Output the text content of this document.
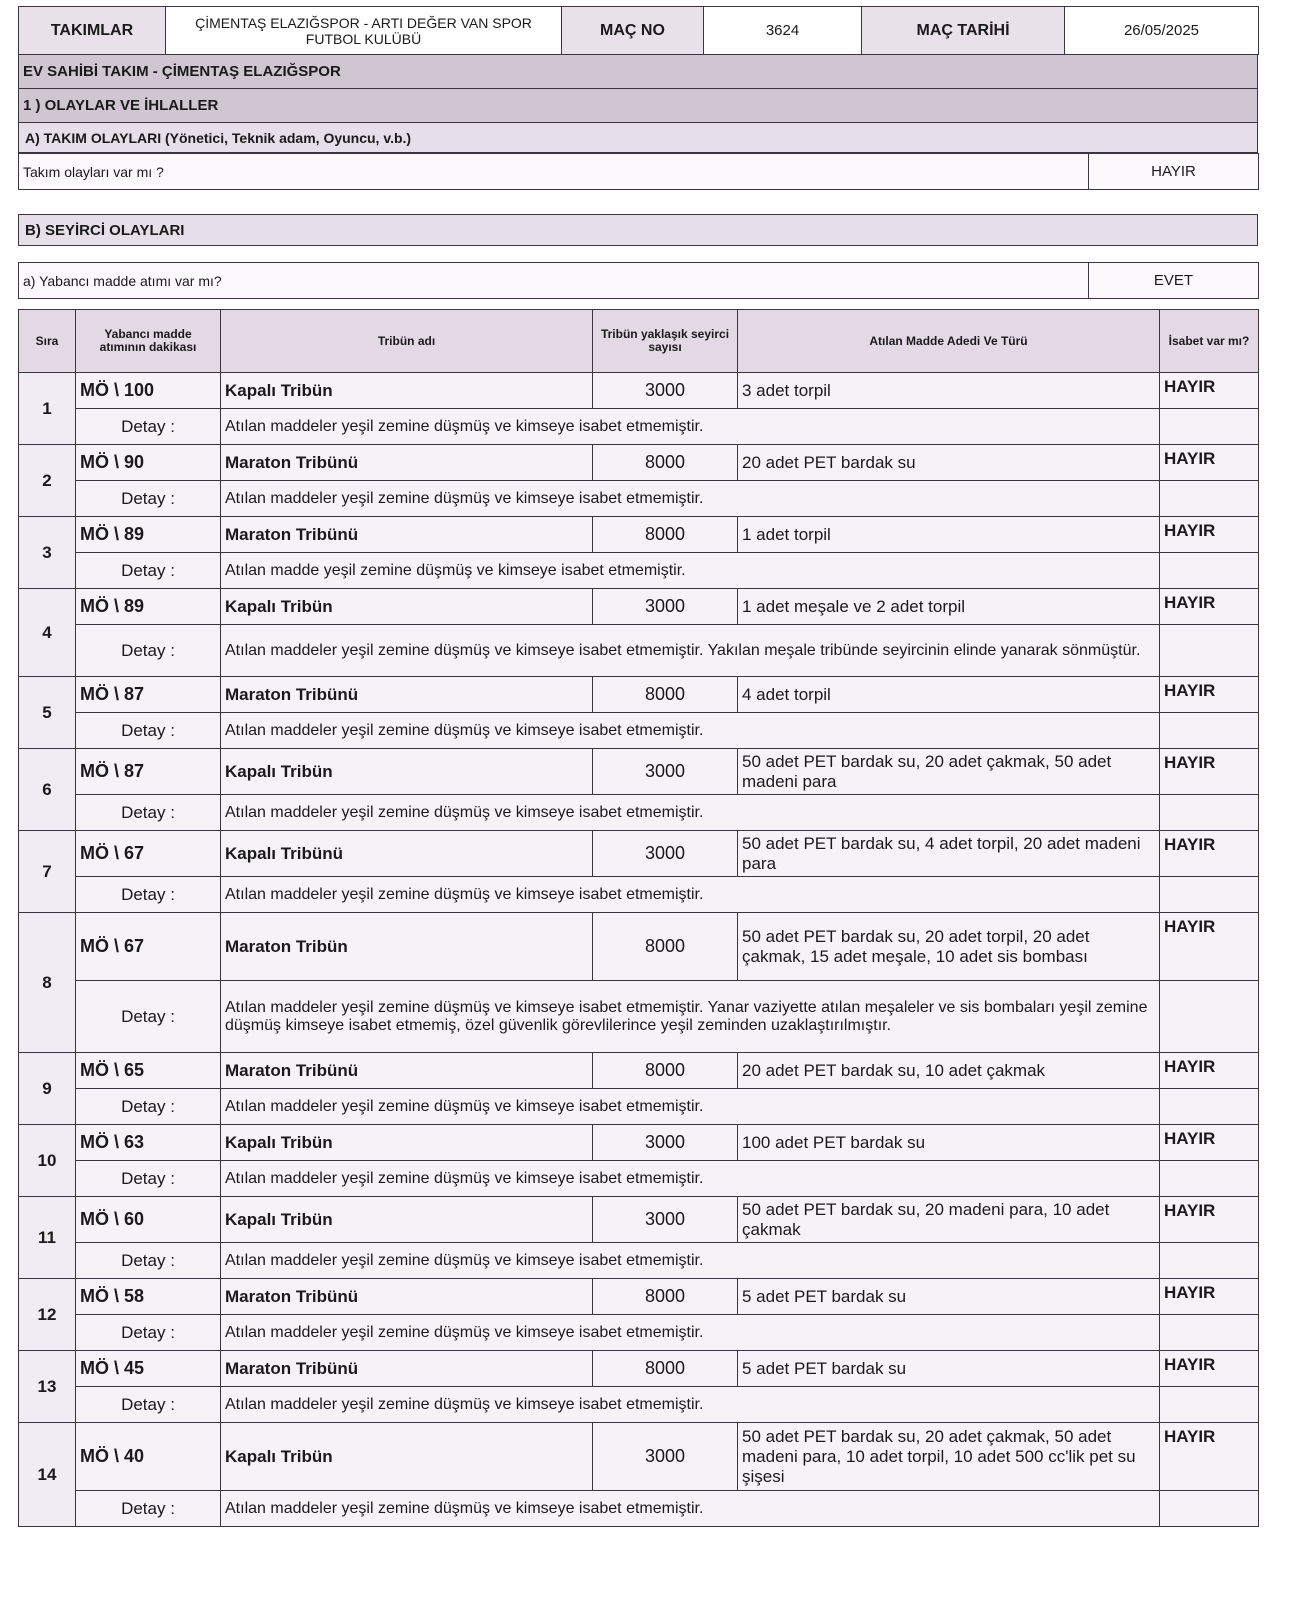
TAKIMLAR	ÇİMENTAŞ ELAZIĞSPOR - ARTI DEĞER VAN SPOR FUTBOL KULÜBÜ	MAÇ NO	3624	MAÇ TARİHİ	26/05/2025
EV SAHİBİ TAKIM - ÇİMENTAŞ ELAZIĞSPOR
1 ) OLAYLAR VE İHLALLER
A) TAKIM OLAYLARI (Yönetici, Teknik adam, Oyuncu, v.b.)
Takım olayları var mı ?	HAYIR
B) SEYİRCİ OLAYLARI
a) Yabancı madde atımı var mı?	EVET
Sıra	Yabancı madde atımının dakikası	Tribün adı	Tribün yaklaşık seyirci sayısı	Atılan Madde Adedi Ve Türü	İsabet var mı?
1	MÖ \ 100	Kapalı Tribün	3000	3 adet torpil	HAYIR
	Detay :	Atılan maddeler yeşil zemine düşmüş ve kimseye isabet etmemiştir.			
2	MÖ \ 90	Maraton Tribünü	8000	20 adet PET bardak su	HAYIR
	Detay :	Atılan maddeler yeşil zemine düşmüş ve kimseye isabet etmemiştir.			
3	MÖ \ 89	Maraton Tribünü	8000	1 adet torpil	HAYIR
	Detay :	Atılan madde yeşil zemine düşmüş ve kimseye isabet etmemiştir.			
4	MÖ \ 89	Kapalı Tribün	3000	1 adet meşale ve 2 adet torpil	HAYIR
	Detay :	Atılan maddeler yeşil zemine düşmüş ve kimseye isabet etmemiştir. Yakılan meşale tribünde seyircinin elinde yanarak sönmüştür.			
5	MÖ \ 87	Maraton Tribünü	8000	4 adet torpil	HAYIR
	Detay :	Atılan maddeler yeşil zemine düşmüş ve kimseye isabet etmemiştir.			
6	MÖ \ 87	Kapalı Tribün	3000	50 adet PET bardak su, 20 adet çakmak, 50 adet madeni para	HAYIR
	Detay :	Atılan maddeler yeşil zemine düşmüş ve kimseye isabet etmemiştir.			
7	MÖ \ 67	Kapalı Tribünü	3000	50 adet PET bardak su, 4 adet torpil, 20 adet madeni para	HAYIR
	Detay :	Atılan maddeler yeşil zemine düşmüş ve kimseye isabet etmemiştir.			
8	MÖ \ 67	Maraton Tribün	8000	50 adet PET bardak su, 20 adet torpil, 20 adet çakmak, 15 adet meşale, 10 adet sis bombası	HAYIR
	Detay :	Atılan maddeler yeşil zemine düşmüş ve kimseye isabet etmemiştir. Yanar vaziyette atılan meşaleler ve sis bombaları yeşil zemine düşmüş kimseye isabet etmemiş, özel güvenlik görevlilerince yeşil zeminden uzaklaştırılmıştır.			
9	MÖ \ 65	Maraton Tribünü	8000	20 adet PET bardak su, 10 adet çakmak	HAYIR
	Detay :	Atılan maddeler yeşil zemine düşmüş ve kimseye isabet etmemiştir.			
10	MÖ \ 63	Kapalı Tribün	3000	100 adet PET bardak su	HAYIR
	Detay :	Atılan maddeler yeşil zemine düşmüş ve kimseye isabet etmemiştir.			
11	MÖ \ 60	Kapalı Tribün	3000	50 adet PET bardak su, 20 madeni para, 10 adet çakmak	HAYIR
	Detay :	Atılan maddeler yeşil zemine düşmüş ve kimseye isabet etmemiştir.			
12	MÖ \ 58	Maraton Tribünü	8000	5 adet PET bardak su	HAYIR
	Detay :	Atılan maddeler yeşil zemine düşmüş ve kimseye isabet etmemiştir.			
13	MÖ \ 45	Maraton Tribünü	8000	5 adet PET bardak su	HAYIR
	Detay :	Atılan maddeler yeşil zemine düşmüş ve kimseye isabet etmemiştir.			
14	MÖ \ 40	Kapalı Tribün	3000	50 adet PET bardak su, 20 adet çakmak, 50 adet madeni para, 10 adet torpil, 10 adet 500 cc'lik pet su şişesi	HAYIR
	Detay :	Atılan maddeler yeşil zemine düşmüş ve kimseye isabet etmemiştir.			
